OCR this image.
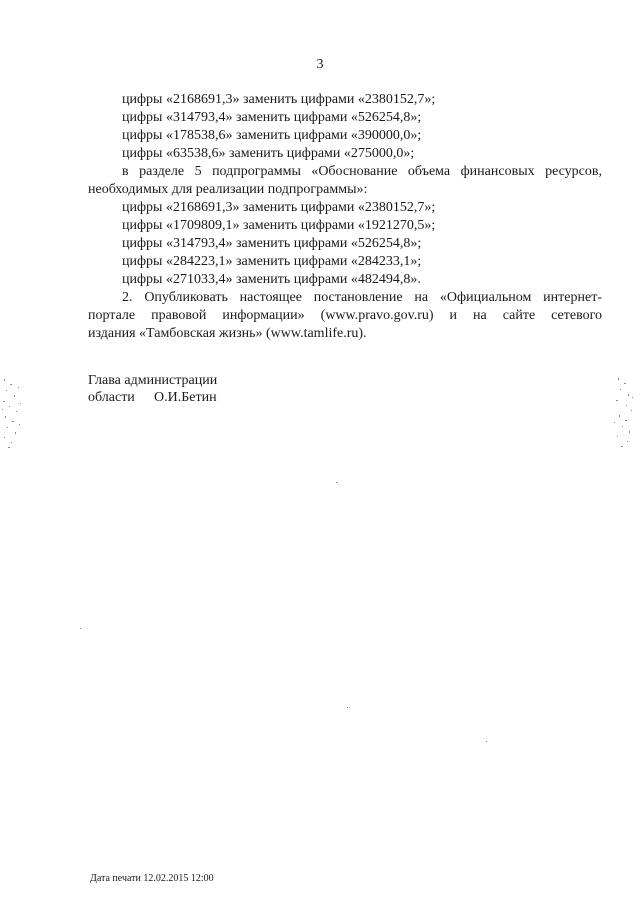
3
цифры «2168691,3» заменить цифрами «2380152,7»;
цифры «314793,4» заменить цифрами «526254,8»;
цифры «178538,6» заменить цифрами «390000,0»;
цифры «63538,6» заменить цифрами «275000,0»;
в разделе 5 подпрограммы «Обоснование объема финансовых ресурсов,
необходимых для реализации подпрограммы»:
цифры «2168691,3» заменить цифрами «2380152,7»;
цифры «1709809,1» заменить цифрами «1921270,5»;
цифры «314793,4» заменить цифрами «526254,8»;
цифры «284223,1» заменить цифрами «284233,1»;
цифры «271033,4» заменить цифрами «482494,8».
2. Опубликовать настоящее постановление на «Официальном интернет-
портале правовой информации» (www.pravo.gov.ru) и на сайте сетевого
издания «Тамбовская жизнь» (www.tamlife.ru).
Глава администрации
области О.И.Бетин
Дата печати 12.02.2015 12:00
